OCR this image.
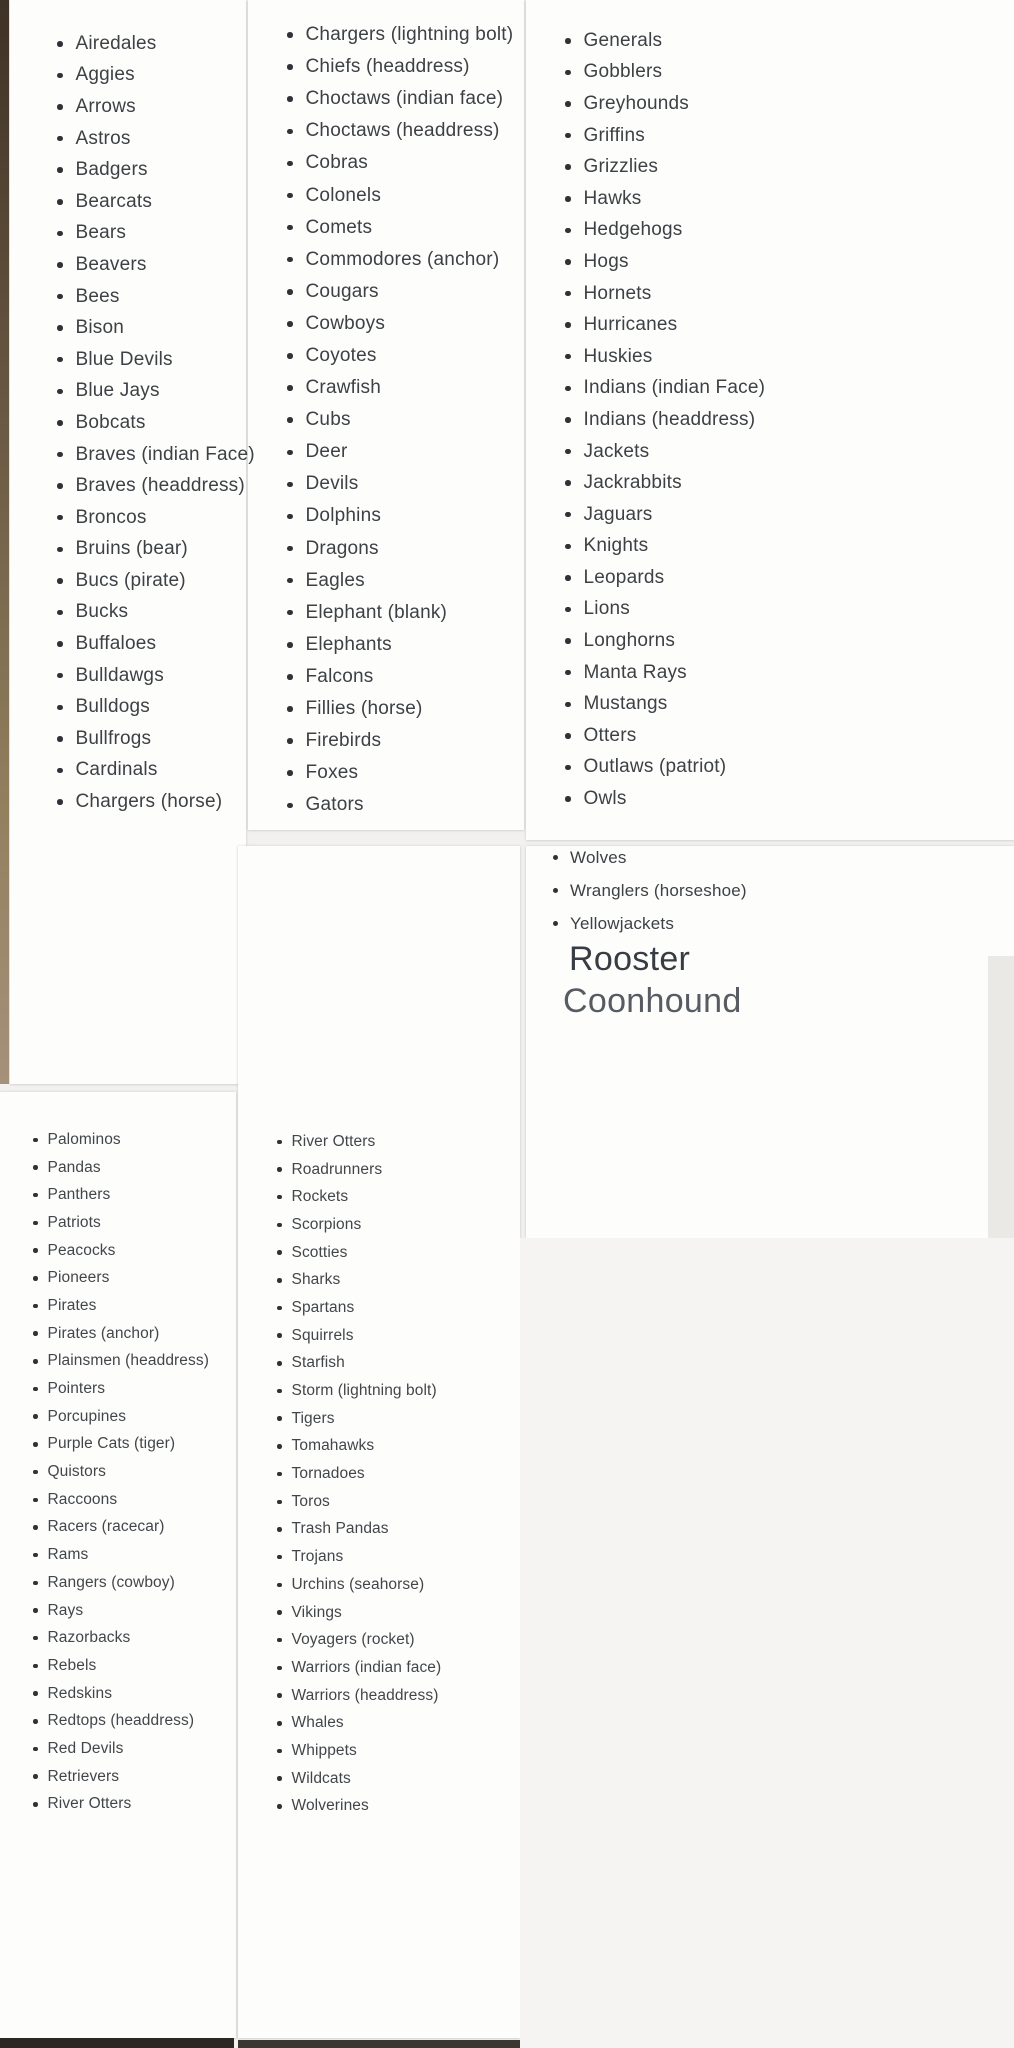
Airedales
Aggies
Arrows
Astros
Badgers
Bearcats
Bears
Beavers
Bees
Bison
Blue Devils
Blue Jays
Bobcats
Braves (indian Face)
Braves (headdress)
Broncos
Bruins (bear)
Bucs (pirate)
Bucks
Buffaloes
Bulldawgs
Bulldogs
Bullfrogs
Cardinals
Chargers (horse)
Chargers (lightning bolt)
Chiefs (headdress)
Choctaws (indian face)
Choctaws (headdress)
Cobras
Colonels
Comets
Commodores (anchor)
Cougars
Cowboys
Coyotes
Crawfish
Cubs
Deer
Devils
Dolphins
Dragons
Eagles
Elephant (blank)
Elephants
Falcons
Fillies (horse)
Firebirds
Foxes
Gators
Generals
Gobblers
Greyhounds
Griffins
Grizzlies
Hawks
Hedgehogs
Hogs
Hornets
Hurricanes
Huskies
Indians (indian Face)
Indians (headdress)
Jackets
Jackrabbits
Jaguars
Knights
Leopards
Lions
Longhorns
Manta Rays
Mustangs
Otters
Outlaws (patriot)
Owls
Palominos
Pandas
Panthers
Patriots
Peacocks
Pioneers
Pirates
Pirates (anchor)
Plainsmen (headdress)
Pointers
Porcupines
Purple Cats (tiger)
Quistors
Raccoons
Racers (racecar)
Rams
Rangers (cowboy)
Rays
Razorbacks
Rebels
Redskins
Redtops (headdress)
Red Devils
Retrievers
River Otters
River Otters
Roadrunners
Rockets
Scorpions
Scotties
Sharks
Spartans
Squirrels
Starfish
Storm (lightning bolt)
Tigers
Tomahawks
Tornadoes
Toros
Trash Pandas
Trojans
Urchins (seahorse)
Vikings
Voyagers (rocket)
Warriors (indian face)
Warriors (headdress)
Whales
Whippets
Wildcats
Wolverines
Wolves
Wranglers (horseshoe)
Yellowjackets
Rooster
Coonhound
